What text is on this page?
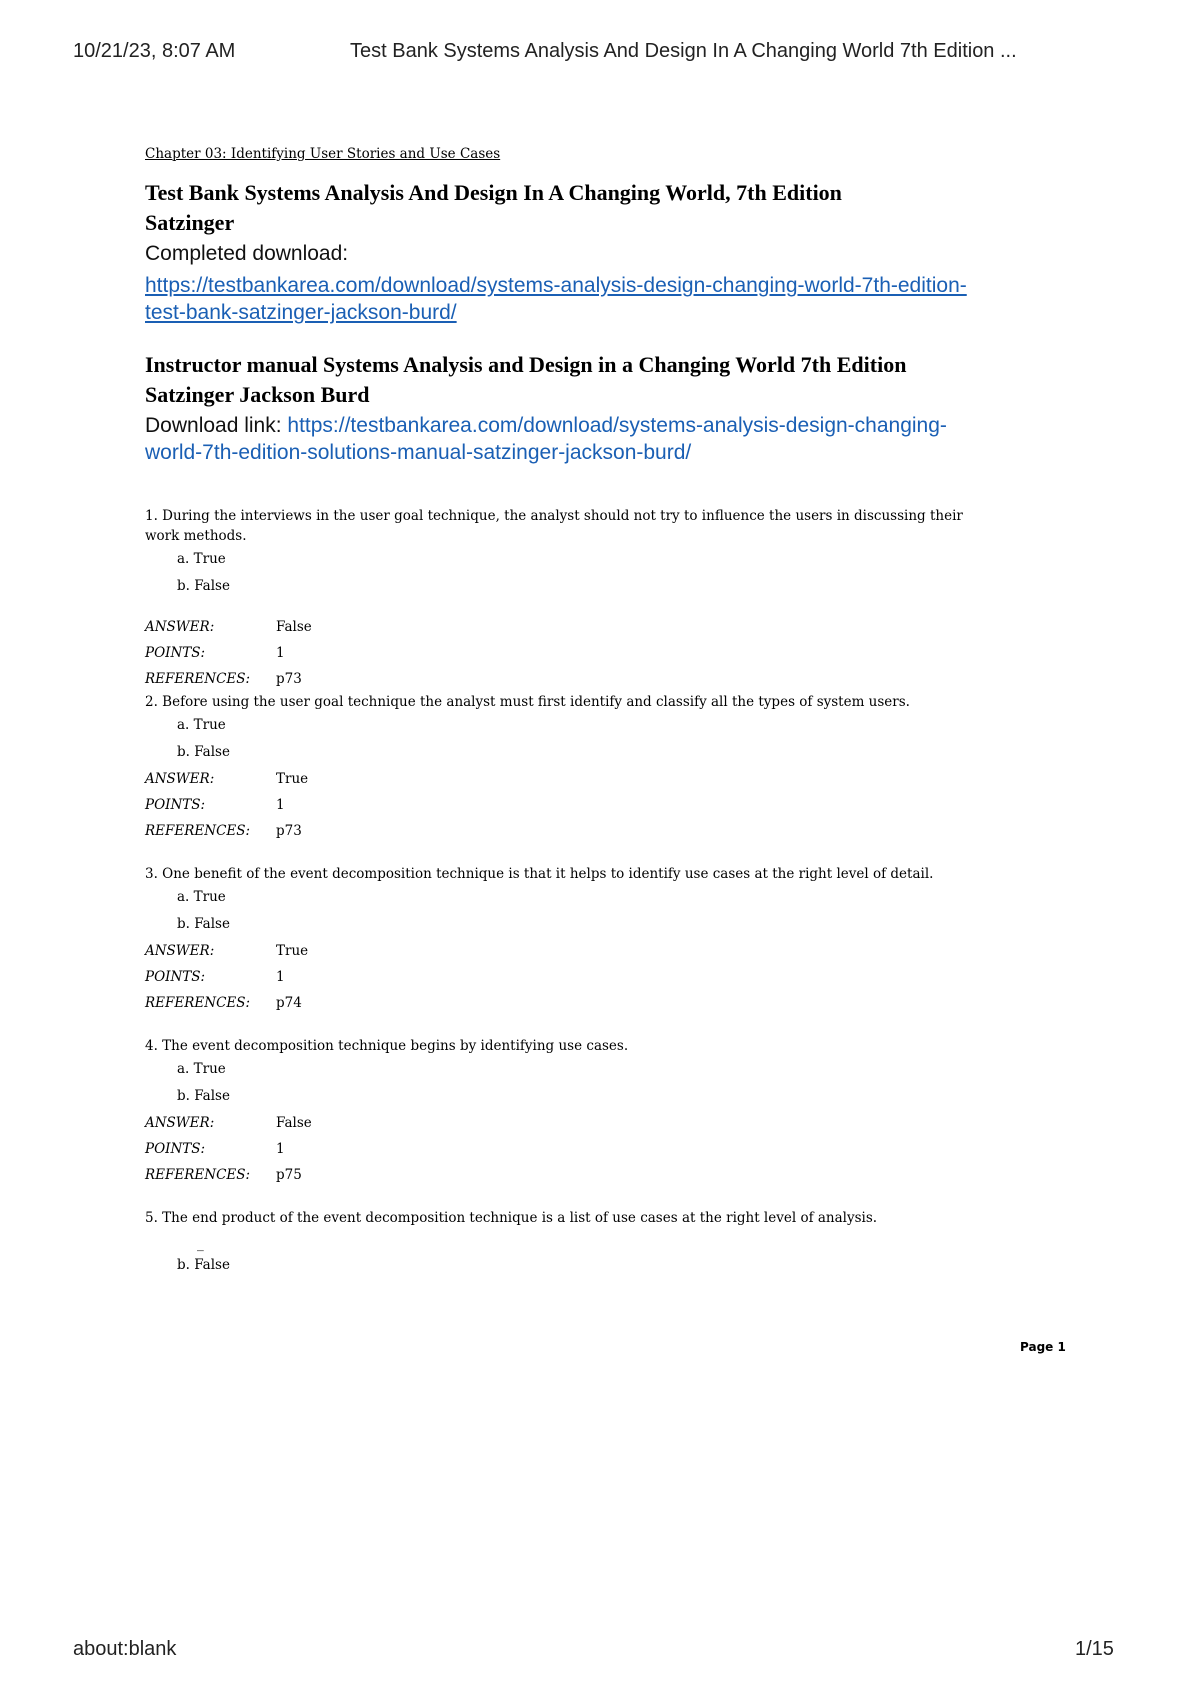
10/21/23, 8:07 AM	Test Bank Systems Analysis And Design In A Changing World 7th Edition ...
Chapter 03: Identifying User Stories and Use Cases
Test Bank Systems Analysis And Design In A Changing World, 7th Edition
Satzinger
Completed download:
https://testbankarea.com/download/systems-analysis-design-changing-world-7th-edition-
test-bank-satzinger-jackson-burd/
Instructor manual Systems Analysis and Design in a Changing World 7th Edition
Satzinger Jackson Burd
Download link: https://testbankarea.com/download/systems-analysis-design-changing-
world-7th-edition-solutions-manual-satzinger-jackson-burd/
1. During the interviews in the user goal technique, the analyst should not try to influence the users in discussing their
work methods.
a. True
b. False
ANSWER:	False
POINTS:	1
REFERENCES:	p73
2. Before using the user goal technique the analyst must first identify and classify all the types of system users.
a. True
b. False
ANSWER:	True
POINTS:	1
REFERENCES:	p73
3. One benefit of the event decomposition technique is that it helps to identify use cases at the right level of detail.
a. True
b. False
ANSWER:	True
POINTS:	1
REFERENCES:	p74
4. The event decomposition technique begins by identifying use cases.
a. True
b. False
ANSWER:	False
POINTS:	1
REFERENCES:	p75
5. The end product of the event decomposition technique is a list of use cases at the right level of analysis.
_
b. False
Page 1
about:blank	1/15
